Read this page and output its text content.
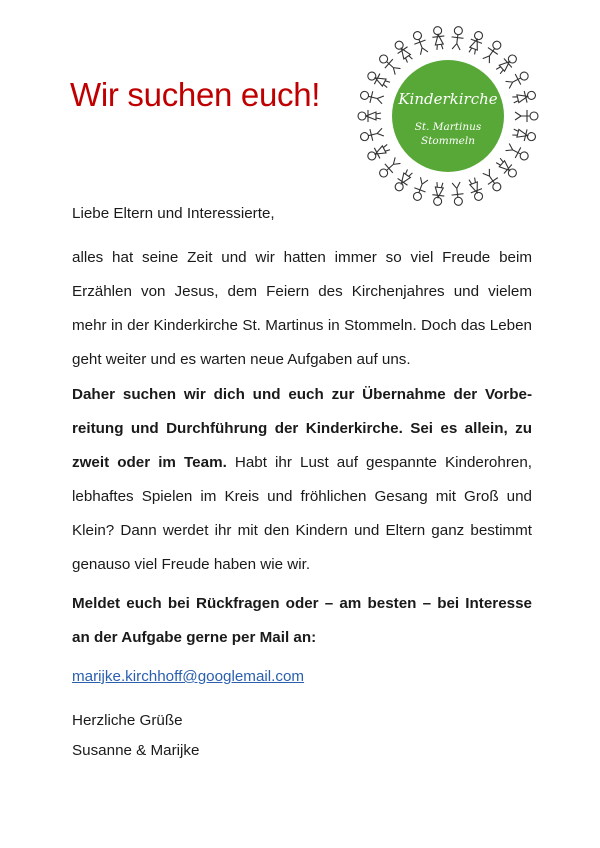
Wir suchen euch!	Kinderkirche
St. Martinus
Stommeln

Liebe Eltern und Interessierte,

alles hat seine Zeit und wir hatten immer so viel Freude beim Erzählen von Jesus, dem Feiern des Kirchenjahres und vielem mehr in der Kinderkirche St. Martinus in Stommeln. Doch das Leben geht weiter und es warten neue Aufgaben auf uns.

Daher suchen wir dich und euch zur Übernahme der Vorbereitung und Durchführung der Kinderkirche. Sei es allein, zu zweit oder im Team. Habt ihr Lust auf gespannte Kinderohren, lebhaftes Spielen im Kreis und fröhlichen Gesang mit Groß und Klein? Dann werdet ihr mit den Kindern und Eltern ganz bestimmt genauso viel Freude haben wie wir.

Meldet euch bei Rückfragen oder – am besten – bei Interesse an der Aufgabe gerne per Mail an:

marijke.kirchhoff@googlemail.com

Herzliche Grüße
Susanne & Marijke
